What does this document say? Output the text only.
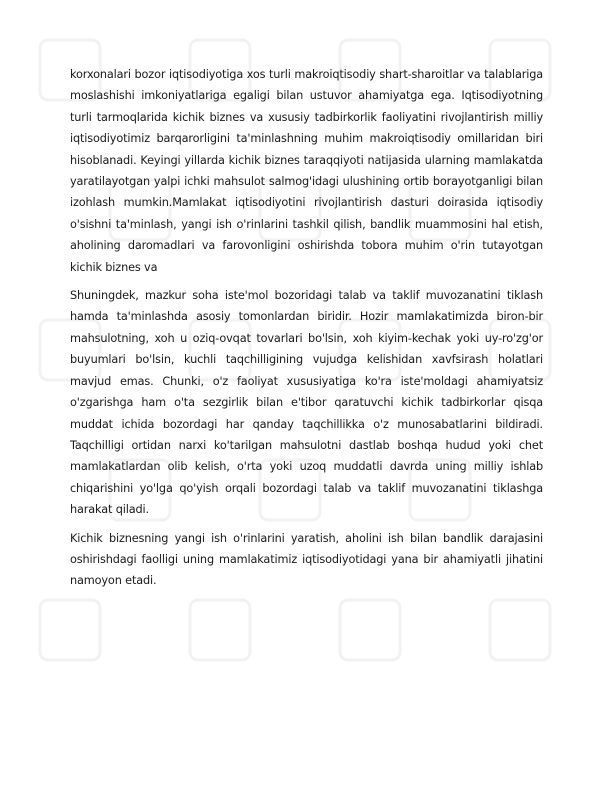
korxonalari bozor iqtisodiyotiga xos turli makroiqtisodiy shart-sharoitlar va talablariga moslashishi imkoniyatlariga egaligi bilan ustuvor ahamiyatga ega. Iqtisodiyotning turli tarmoqlarida kichik biznes va xususiy tadbirkorlik faoliyatini rivojlantirish milliy iqtisodiyotimiz barqarorligini ta'minlashning muhim makroiqtisodiy omillaridan biri hisoblanadi. Keyingi yillarda kichik biznes taraqqiyoti natijasida ularning mamlakatda yaratilayotgan yalpi ichki mahsulot salmog'idagi ulushining ortib borayotganligi bilan izohlash mumkin.Mamlakat iqtisodiyotini rivojlantirish dasturi doirasida iqtisodiy o'sishni ta'minlash, yangi ish o'rinlarini tashkil qilish, bandlik muammosini hal etish, aholining daromadlari va farovonligini oshirishda tobora muhim o'rin tutayotgan kichik biznes va

Shuningdek, mazkur soha iste'mol bozoridagi talab va taklif muvozanatini tiklash hamda ta'minlashda asosiy tomonlardan biridir. Hozir mamlakatimizda biron-bir mahsulotning, xoh u oziq-ovqat tovarlari bo'lsin, xoh kiyim-kechak yoki uy-ro'zg'or buyumlari bo'lsin, kuchli taqchilligining vujudga kelishidan xavfsirash holatlari mavjud emas. Chunki, o'z faoliyat xususiyatiga ko'ra iste'moldagi ahamiyatsiz o'zgarishga ham o'ta sezgirlik bilan e'tibor qaratuvchi kichik tadbirkorlar qisqa muddat ichida bozordagi har qanday taqchillikka o'z munosabatlarini bildiradi. Taqchilligi ortidan narxi ko'tarilgan mahsulotni dastlab boshqa hudud yoki chet mamlakatlardan olib kelish, o'rta yoki uzoq muddatli davrda uning milliy ishlab chiqarishini yo'lga qo'yish orqali bozordagi talab va taklif muvozanatini tiklashga harakat qiladi.

Kichik biznesning yangi ish o'rinlarini yaratish, aholini ish bilan bandlik darajasini oshirishdagi faolligi uning mamlakatimiz iqtisodiyotidagi yana bir ahamiyatli jihatini namoyon etadi.
